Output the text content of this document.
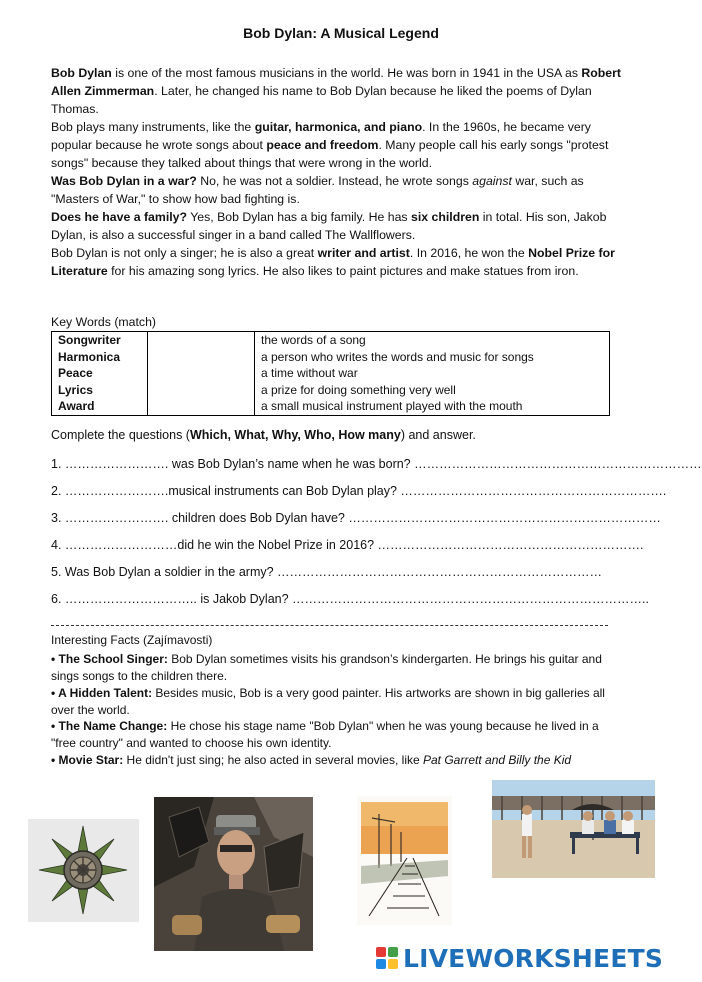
Bob Dylan: A Musical Legend

Bob Dylan is one of the most famous musicians in the world. He was born in 1941 in the USA as Robert Allen Zimmerman. Later, he changed his name to Bob Dylan because he liked the poems of Dylan Thomas.

Bob plays many instruments, like the guitar, harmonica, and piano. In the 1960s, he became very popular because he wrote songs about peace and freedom. Many people call his early songs "protest songs" because they talked about things that were wrong in the world.

Was Bob Dylan in a war? No, he was not a soldier. Instead, he wrote songs against war, such as "Masters of War," to show how bad fighting is.

Does he have a family? Yes, Bob Dylan has a big family. He has six children in total. His son, Jakob Dylan, is also a successful singer in a band called The Wallflowers.

Bob Dylan is not only a singer; he is also a great writer and artist. In 2016, he won the Nobel Prize for Literature for his amazing song lyrics. He also likes to paint pictures and make statues from iron.

Key Words (match)
Songwriter		the words of a song
Harmonica		a person who writes the words and music for songs
Peace		a time without war
Lyrics		a prize for doing something very well
Award		a small musical instrument played with the mouth
Complete the questions (Which, What, Why, Who, How many) and answer.
1. ……………………. was Bob Dylan’s name when he was born? ……………………………………………………………
2. …………………….musical instruments can Bob Dylan play? ……………………………………………………….
3. ……………………. children does Bob Dylan have? …………………………………………………………………
4. ………………………did he win the Nobel Prize in 2016? ……………………………………………………….
5. Was Bob Dylan a soldier in the army? ……………………………………………………………………
6. ………………………….. is Jakob Dylan? …………………………………………………………………………..
Interesting Facts (Zajímavosti)

• The School Singer: Bob Dylan sometimes visits his grandson’s kindergarten. He brings his guitar and sings songs to the children there.

• A Hidden Talent: Besides music, Bob is a very good painter. His artworks are shown in big galleries all over the world.

• The Name Change: He chose his stage name "Bob Dylan" when he was young because he lived in a "free country" and wanted to choose his own identity.

• Movie Star: He didn't just sing; he also acted in several movies, like Pat Garrett and Billy the Kid

LIVEWORKSHEETS
